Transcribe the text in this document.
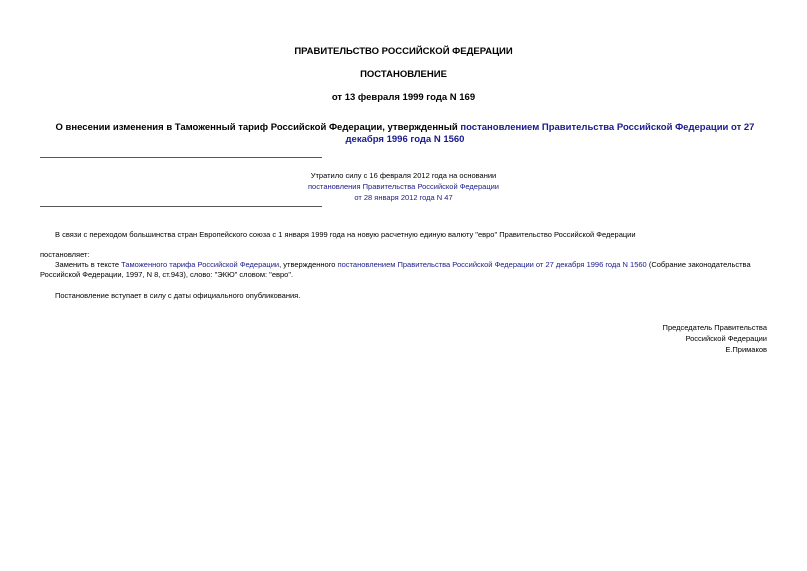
ПРАВИТЕЛЬСТВО РОССИЙСКОЙ ФЕДЕРАЦИИ
ПОСТАНОВЛЕНИЕ
от 13 февраля 1999 года N 169
О внесении изменения в Таможенный тариф Российской Федерации, утвержденный постановлением Правительства Российской Федерации от 27 декабря 1996 года N 1560
Утратило силу с 16 февраля 2012 года на основании
постановления Правительства Российской Федерации
от 28 января 2012 года N 47
В связи с переходом большинства стран Европейского союза с 1 января 1999 года на новую расчетную единую валюту "евро" Правительство Российской Федерации
постановляет:
Заменить в тексте Таможенного тарифа Российской Федерации, утвержденного постановлением Правительства Российской Федерации от 27 декабря 1996 года N 1560 (Собрание законодательства Российской Федерации, 1997, N 8, ст.943), слово: "ЭКЮ" словом: "евро".
Постановление вступает в силу с даты официального опубликования.
Председатель Правительства
Российской Федерации
Е.Примаков
